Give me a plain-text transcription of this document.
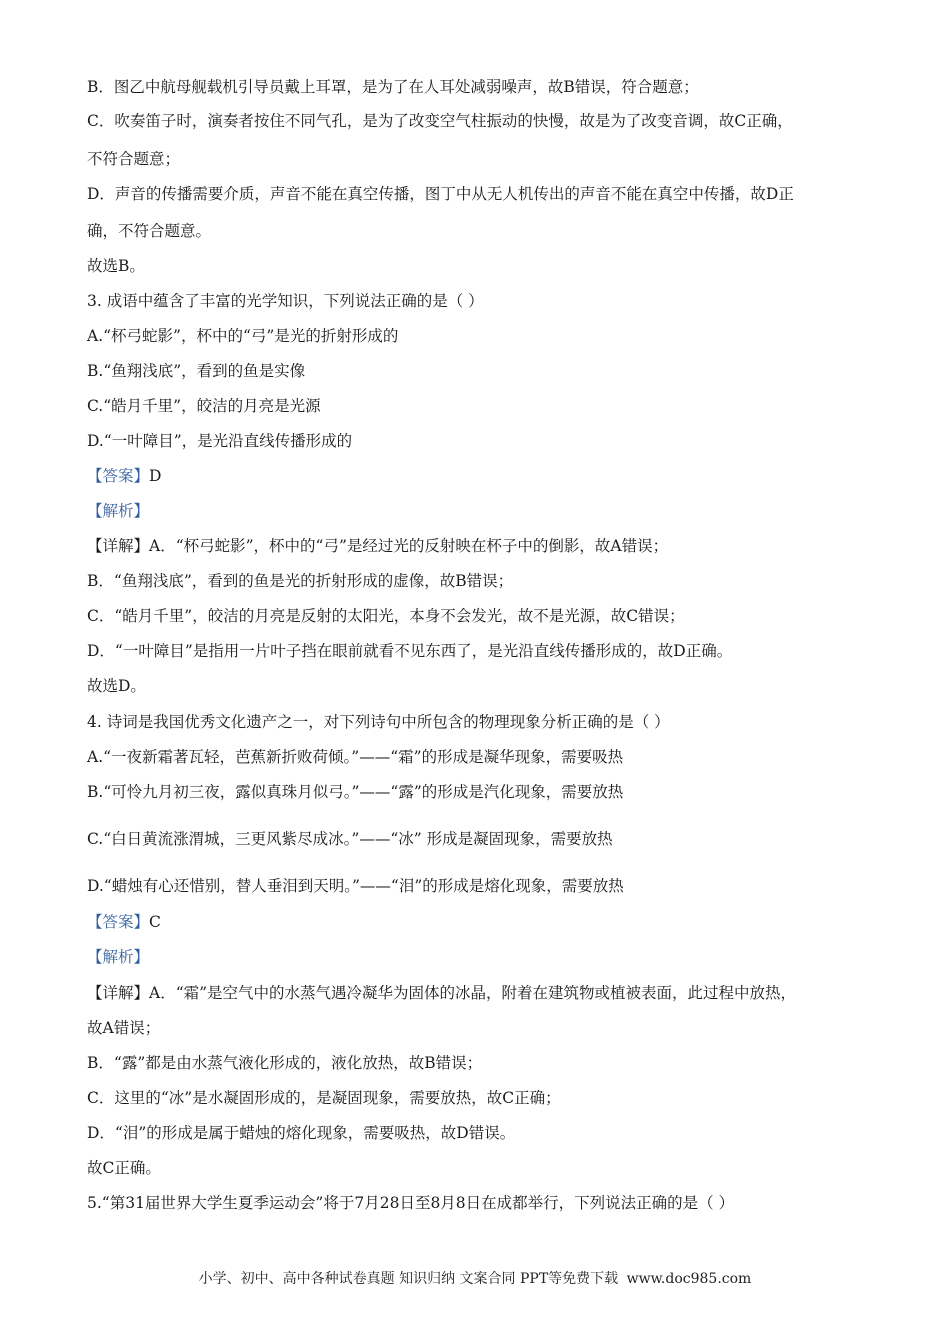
B．图乙中航母舰载机引导员戴上耳罩，是为了在人耳处减弱噪声，故B错误，符合题意；
C．吹奏笛子时，演奏者按住不同气孔，是为了改变空气柱振动的快慢，故是为了改变音调，故C正确，
不符合题意；
D．声音的传播需要介质，声音不能在真空传播，图丁中从无人机传出的声音不能在真空中传播，故D正
确，不符合题意。
故选B。
3. 成语中蕴含了丰富的光学知识，下列说法正确的是（ ）
A.“杯弓蛇影”，杯中的“弓”是光的折射形成的
B.“鱼翔浅底”，看到的鱼是实像
C.“皓月千里”，皎洁的月亮是光源
D.“一叶障目”，是光沿直线传播形成的
【答案】D
【解析】
【详解】A．“杯弓蛇影”，杯中的“弓”是经过光的反射映在杯子中的倒影，故A错误；
B．“鱼翔浅底”，看到的鱼是光的折射形成的虚像，故B错误；
C．“皓月千里”，皎洁的月亮是反射的太阳光，本身不会发光，故不是光源，故C错误；
D．“一叶障目”是指用一片叶子挡在眼前就看不见东西了，是光沿直线传播形成的，故D正确。
故选D。
4. 诗词是我国优秀文化遗产之一，对下列诗句中所包含的物理现象分析正确的是（ ）
A.“一夜新霜著瓦轻，芭蕉新折败荷倾。”——“霜”的形成是凝华现象，需要吸热
B.“可怜九月初三夜，露似真珠月似弓。”——“露”的形成是汽化现象，需要放热
C.“白日黄流涨渭城，三更风紫尽成冰。”——“冰” 形成是凝固现象，需要放热
D.“蜡烛有心还惜别，替人垂泪到天明。”——“泪”的形成是熔化现象，需要放热
【答案】C
【解析】
【详解】A．“霜”是空气中的水蒸气遇冷凝华为固体的冰晶，附着在建筑物或植被表面，此过程中放热，
故A错误；
B．“露”都是由水蒸气液化形成的，液化放热，故B错误；
C．这里的“冰”是水凝固形成的，是凝固现象，需要放热，故C正确；
D．“泪”的形成是属于蜡烛的熔化现象，需要吸热，故D错误。
故C正确。
5.“第31届世界大学生夏季运动会”将于7月28日至8月8日在成都举行，下列说法正确的是（ ）
小学、初中、高中各种试卷真题 知识归纳 文案合同 PPT等免费下载 www.doc985.com
